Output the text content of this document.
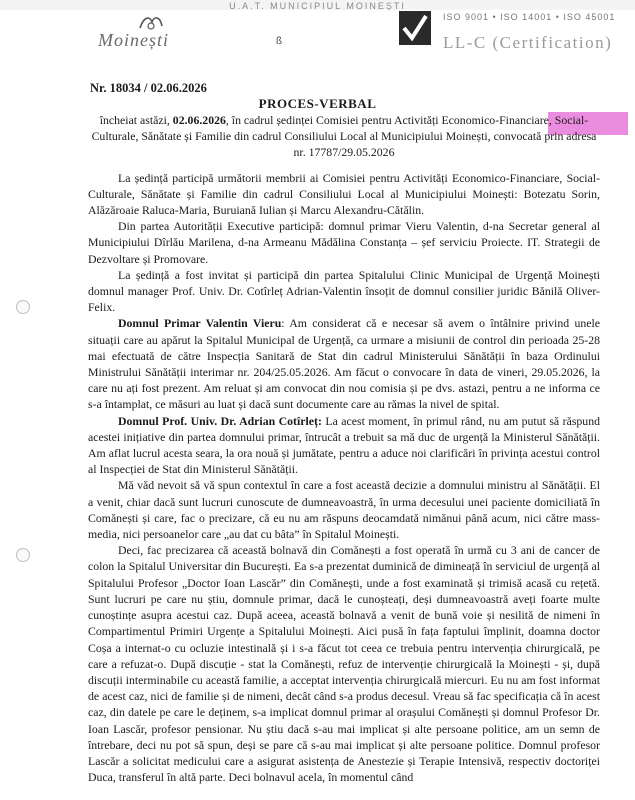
U.A.T. MUNICIPIUL MOINEȘTI
Moinești	ß
ISO 9001 • ISO 14001 • ISO 45001
LL-C (Certification)
Nr. 18034 / 02.06.2026
PROCES-VERBAL
încheiat astăzi, 02.06.2026, în cadrul ședinței Comisiei pentru Activități Economico-Financiare, Social-Culturale, Sănătate și Familie din cadrul Consiliului Local al Municipiului Moinești, convocată prin adresa nr. 17787/29.05.2026

La ședință participă următorii membrii ai Comisiei pentru Activități Economico-Financiare, Social-Culturale, Sănătate și Familie din cadrul Consiliului Local al Municipiului Moinești: Botezatu Sorin, Alăzăroaie Raluca-Maria, Buruiană Iulian și Marcu Alexandru-Cătălin.

Din partea Autorității Executive participă: domnul primar Vieru Valentin, d-na Secretar general al Municipiului Dîrlău Marilena, d-na Armeanu Mădălina Constanța – șef serviciu Proiecte. IT. Strategii de Dezvoltare și Promovare.

La ședință a fost invitat și participă din partea Spitalului Clinic Municipal de Urgență Moinești domnul manager Prof. Univ. Dr. Cotîrleț Adrian-Valentin însoțit de domnul consilier juridic Bănilă Oliver-Felix.

Domnul Primar Valentin Vieru: Am considerat că e necesar să avem o întâlnire privind unele situații care au apărut la Spitalul Municipal de Urgență, ca urmare a misiunii de control din perioada 25-28 mai efectuată de către Inspecția Sanitară de Stat din cadrul Ministerului Sănătății în baza Ordinului Ministrului Sănătății interimar nr. 204/25.05.2026. Am făcut o convocare în data de vineri, 29.05.2026, la care nu ați fost prezent. Am reluat și am convocat din nou comisia și pe dvs. astazi, pentru a ne informa ce s-a întamplat, ce măsuri au luat și dacă sunt documente care au rămas la nivel de spital.

Domnul Prof. Univ. Dr. Adrian Cotîrleț: La acest moment, în primul rând, nu am putut să răspund acestei inițiative din partea domnului primar, întrucât a trebuit sa mă duc de urgență la Ministerul Sănătății. Am aflat lucrul acesta seara, la ora nouă și jumătate, pentru a aduce noi clarificări în privința acestui control al Inspecției de Stat din Ministerul Sănătății.

Mă văd nevoit să vă spun contextul în care a fost această decizie a domnului ministru al Sănătății. El a venit, chiar dacă sunt lucruri cunoscute de dumneavoastră, în urma decesului unei paciente domiciliată în Comănești și care, fac o precizare, că eu nu am răspuns deocamdată nimănui până acum, nici către mass-media, nici persoanelor care „au dat cu bâta” în Spitalul Moinești.

Deci, fac precizarea că această bolnavă din Comănești a fost operată în urmă cu 3 ani de cancer de colon la Spitalul Universitar din București. Ea s-a prezentat duminică de dimineață în serviciul de urgență al Spitalului Profesor „Doctor Ioan Lascăr” din Comănești, unde a fost examinată și trimisă acasă cu rețetă. Sunt lucruri pe care nu știu, domnule primar, dacă le cunoșteați, deși dumneavoastră aveți foarte multe cunoștințe asupra acestui caz. După aceea, această bolnavă a venit de bună voie și nesilită de nimeni în Compartimentul Primiri Urgențe a Spitalului Moinești. Aici pusă în fața faptului împlinit, doamna doctor Coșa a internat-o cu ocluzie intestinală și i s-a făcut tot ceea ce trebuia pentru intervenția chirurgicală, pe care a refuzat-o. După discuție - stat la Comănești, refuz de intervenție chirurgicală la Moinești - și, după discuții interminabile cu această familie, a acceptat intervenția chirurgicală miercuri. Eu nu am fost informat de acest caz, nici de familie și de nimeni, decât când s-a produs decesul. Vreau să fac specificația că în acest caz, din datele pe care le deținem, s-a implicat domnul primar al orașului Comănești și domnul Profesor Dr. Ioan Lascăr, profesor pensionar. Nu știu dacă s-au mai implicat și alte persoane politice, am un semn de întrebare, deci nu pot să spun, deși se pare că s-au mai implicat și alte persoane politice. Domnul profesor Lascăr a solicitat medicului care a asigurat asistența de Anestezie și Terapie Intensivă, respectiv doctoriței Duca, transferul în altă parte. Deci bolnavul acela, în momentul când
